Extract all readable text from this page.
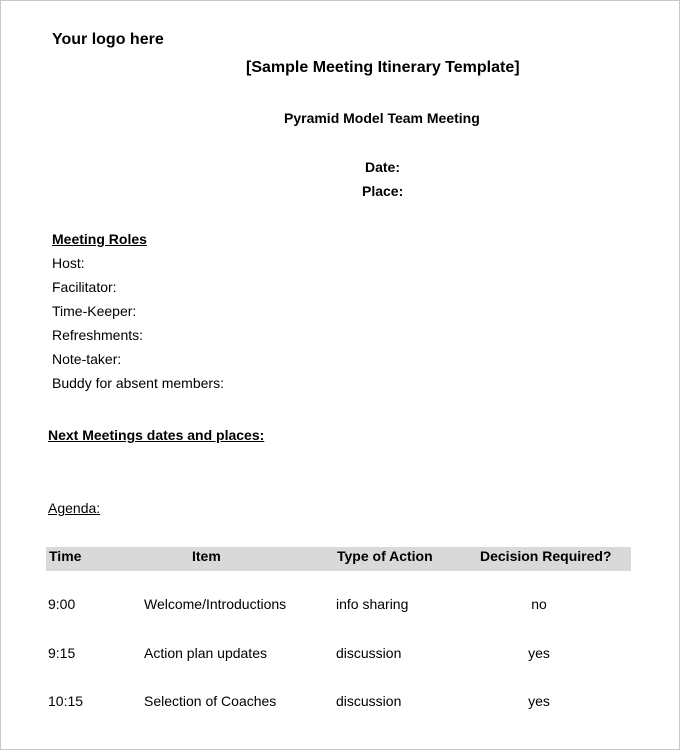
Your logo here
[Sample Meeting Itinerary Template]
Pyramid Model Team Meeting
Date:
Place:
Meeting Roles
Host:
Facilitator:
Time-Keeper:
Refreshments:
Note-taker:
Buddy for absent members:
Next Meetings dates and places:
Agenda:
Time	Item	Type of Action	Decision Required?
9:00	Welcome/Introductions	info sharing	no
9:15	Action plan updates	discussion	yes
10:15	Selection of Coaches	discussion	yes
